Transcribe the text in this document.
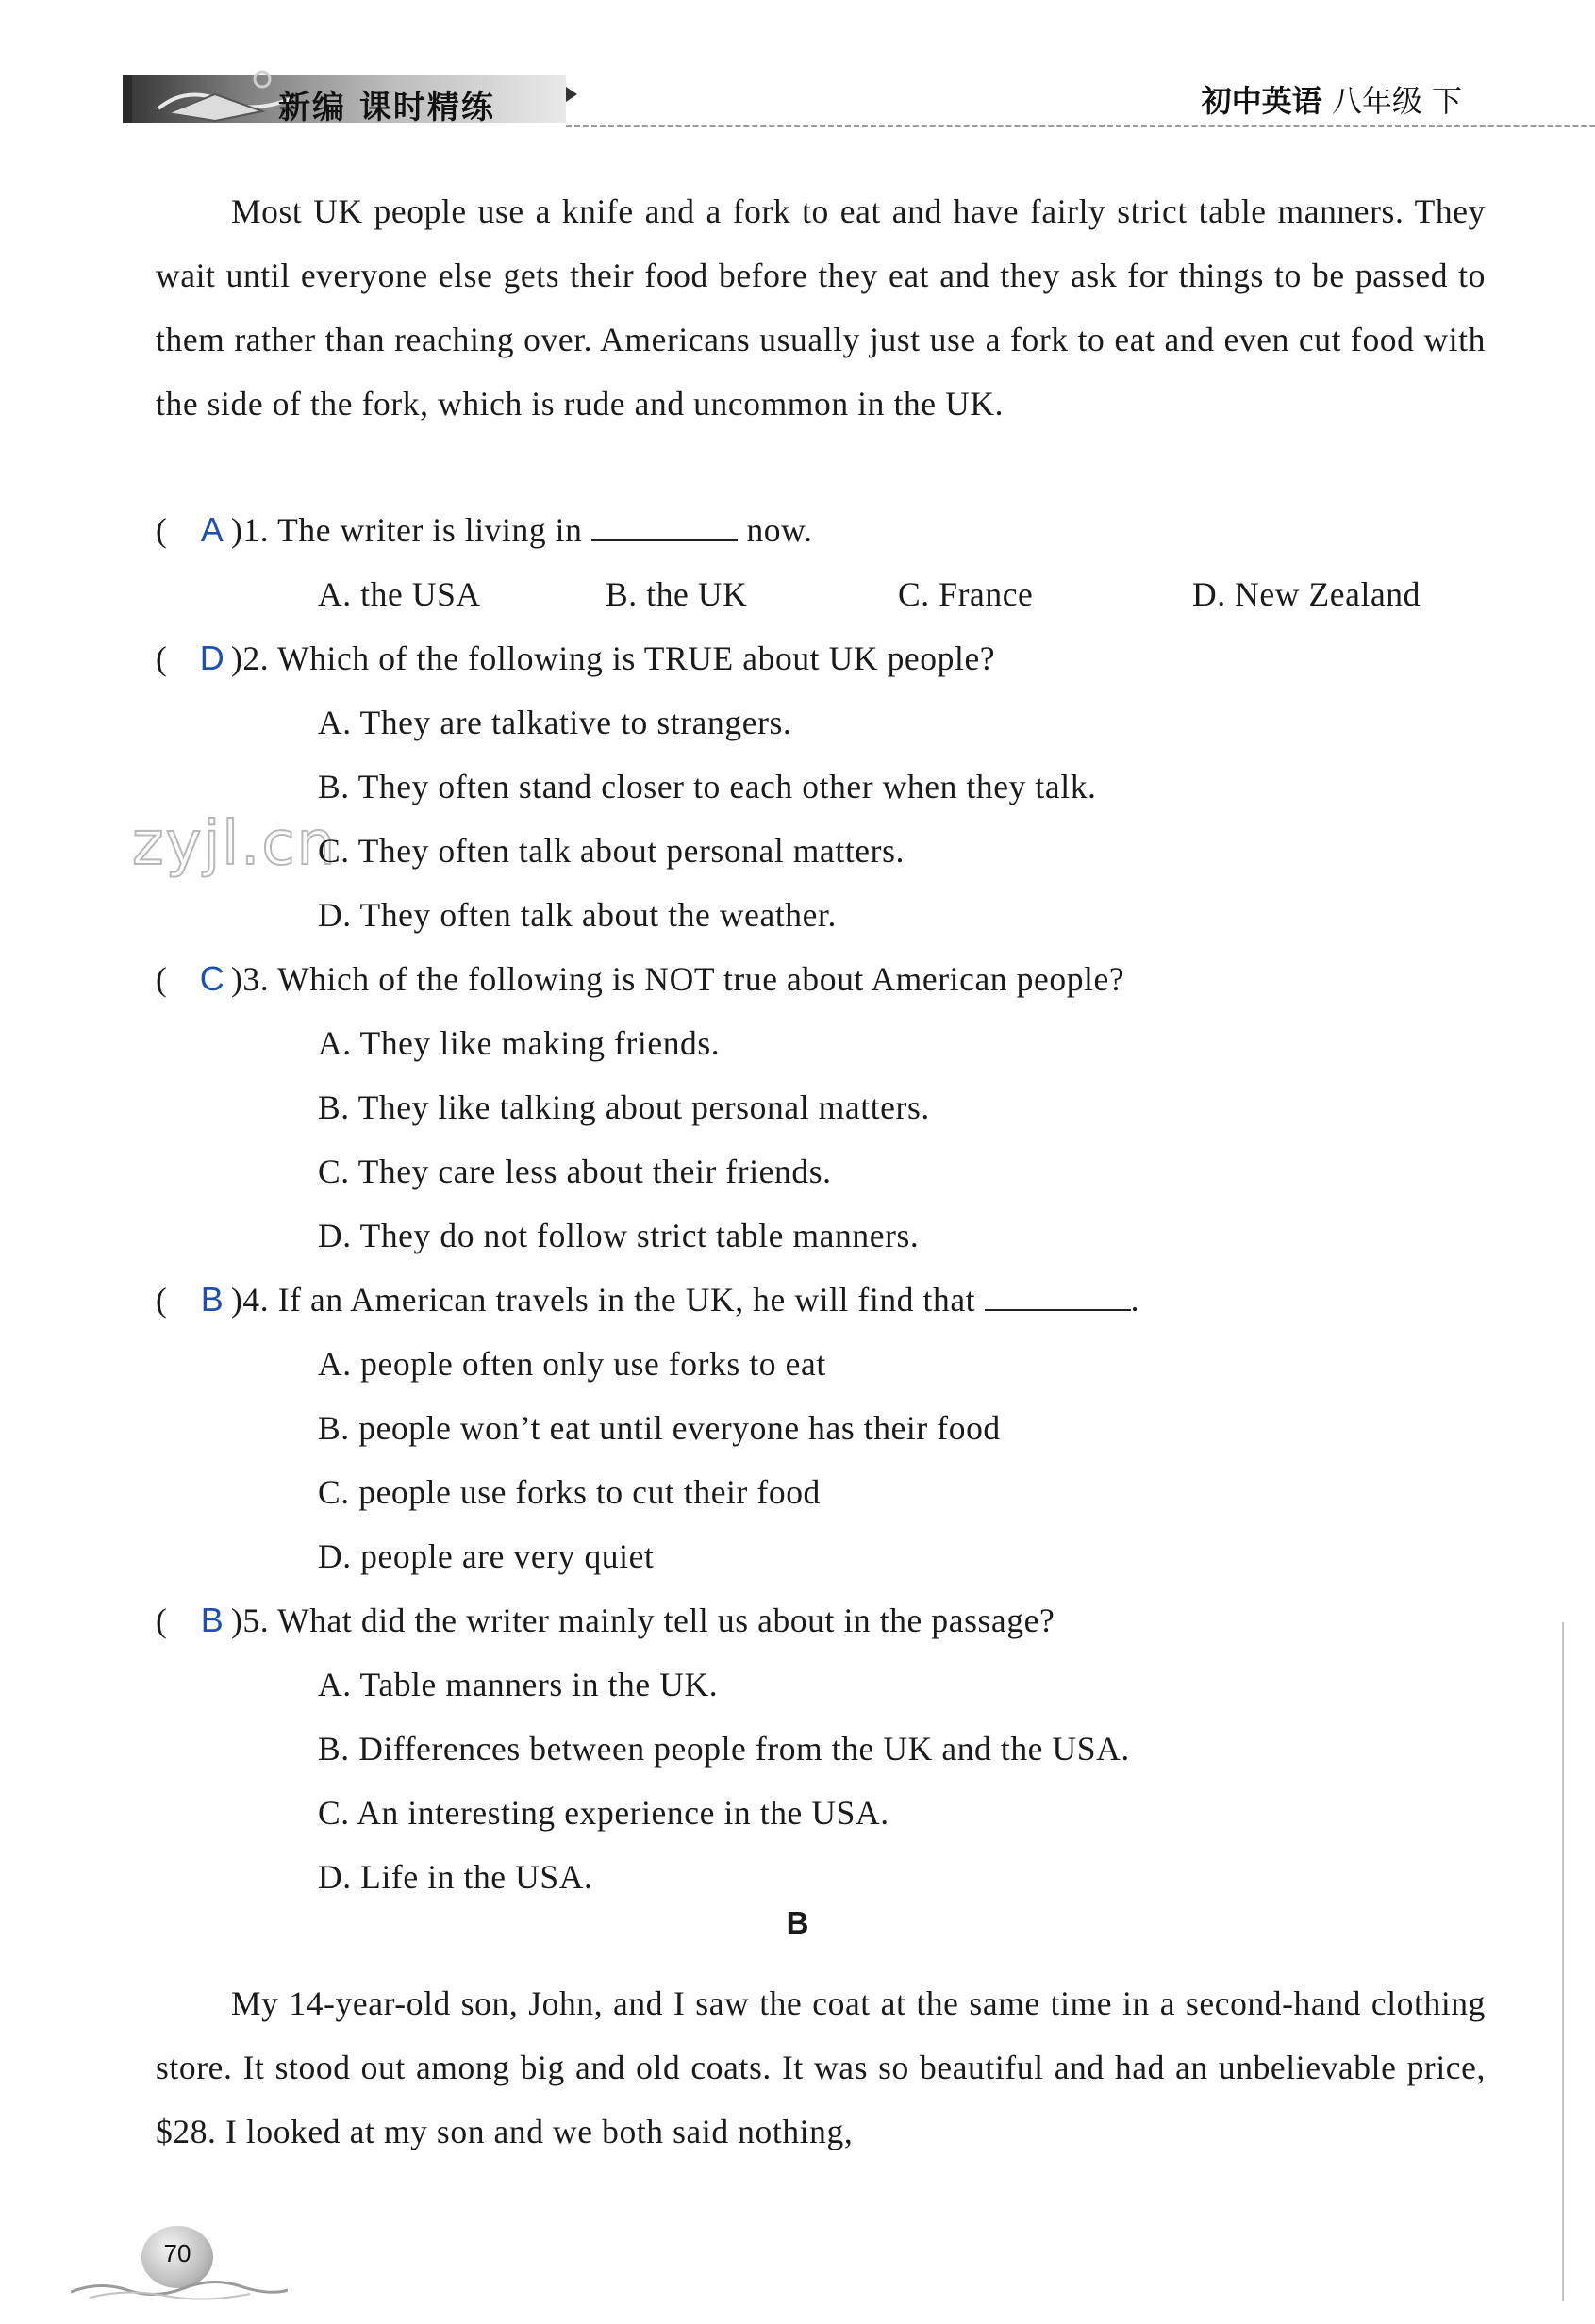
新编 课时精练	初中英语 八年级 下

Most UK people use a knife and a fork to eat and have fairly strict table manners. They wait until everyone else gets their food before they eat and they ask for things to be passed to them rather than reaching over. Americans usually just use a fork to eat and even cut food with the side of the fork, which is rude and uncommon in the UK.

zyjl.cn
( A )1. The writer is living in	now.
A. the USA	B. the UK	C. France	D. New Zealand
( D )2. Which of the following is TRUE about UK people?
A. They are talkative to strangers.
B. They often stand closer to each other when they talk.
C. They often talk about personal matters.
D. They often talk about the weather.
( C )3. Which of the following is NOT true about American people?
A. They like making friends.
B. They like talking about personal matters.
C. They care less about their friends.
D. They do not follow strict table manners.
( B )4. If an American travels in the UK, he will find that	.
A. people often only use forks to eat
B. people won’t eat until everyone has their food
C. people use forks to cut their food
D. people are very quiet
( B )5. What did the writer mainly tell us about in the passage?
A. Table manners in the UK.
B. Differences between people from the UK and the USA.
C. An interesting experience in the USA.
D. Life in the USA.
B

My 14-year-old son, John, and I saw the coat at the same time in a second-hand clothing store. It stood out among big and old coats. It was so beautiful and had an unbelievable price, $28. I looked at my son and we both said nothing,

70
